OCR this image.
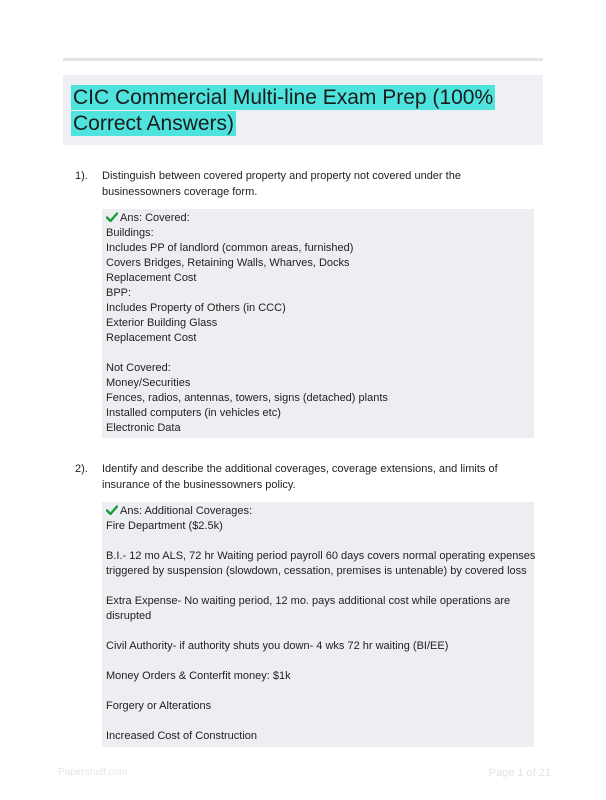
CIC Commercial Multi-line Exam Prep (100% Correct Answers)
1). Distinguish between covered property and property not covered under the businessowners coverage form.
Ans: Covered:
Buildings:
Includes PP of landlord (common areas, furnished)
Covers Bridges, Retaining Walls, Wharves, Docks
Replacement Cost
BPP:
Includes Property of Others (in CCC)
Exterior Building Glass
Replacement Cost
Not Covered:
Money/Securities
Fences, radios, antennas, towers, signs (detached) plants
Installed computers (in vehicles etc)
Electronic Data
2). Identify and describe the additional coverages, coverage extensions, and limits of insurance of the businessowners policy.
Ans: Additional Coverages:
Fire Department ($2.5k)
B.I.- 12 mo ALS, 72 hr Waiting period payroll 60 days covers normal operating expenses
triggered by suspension (slowdown, cessation, premises is untenable) by covered loss
Extra Expense- No waiting period, 12 mo. pays additional cost while operations are
disrupted
Civil Authority- if authority shuts you down- 4 wks 72 hr waiting (BI/EE)
Money Orders & Conterfit money: $1k
Forgery or Alterations
Increased Cost of Construction
Papershelf.com	Page 1 of 21
